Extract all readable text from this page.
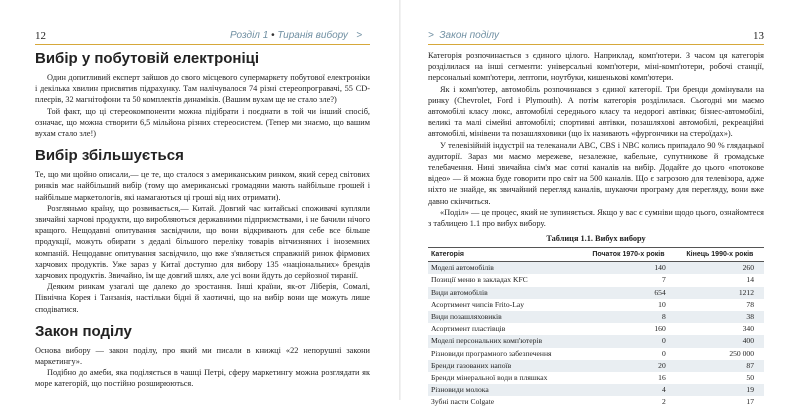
12	Розділ 1 • Тиранія вибору >
Вибір у побутовій електроніці

Один допитливий експерт зайшов до свого місцевого супермаркету побутової електроніки і декілька хвилин присвятив підрахунку. Там налічувалося 74 різні стереопрогравачі, 55 CD-плеєрів, 32 магнітофони та 50 комплектів динаміків. (Вашим вухам ще не стало зле?)

Той факт, що ці стереокомпоненти можна підібрати і поєднати в той чи інший спосіб, означає, що можна створити 6,5 мільйона різних стереосистем. (Тепер ми знаємо, що вашим вухам стало зле!)

Вибір збільшується

Те, що ми щойно описали,— це те, що сталося з американським ринком, який серед світових ринків має найбільший вибір (тому що американські громадяни мають найбільше грошей і найбільше маркетологів, які намагаються ці гроші від них отримати).

Розгляньмо країну, що розвивається,— Китай. Довгий час китайські споживачі купляли звичайні харчові продукти, що виробляються державними підприємствами, і не бачили нічого кращого. Нещодавні опитування засвідчили, що вони відкривають для себе все більше продукції, можуть обирати з дедалі більшого переліку товарів вітчизняних і іноземних компаній. Нещодавнє опитування засвідчило, що вже з'являється справжній ринок фірмових харчових продуктів. Уже зараз у Китаї доступно для вибору 135 «національних» брендів харчових продуктів. Звичайно, їм ще довгий шлях, але усі вони йдуть до серйозної тиранії.

Деяким ринкам узагалі ще далеко до зростання. Інші країни, як-от Ліберія, Сомалі, Північна Корея і Танзанія, настільки бідні й хаотичні, що на вибір вони ще можуть лише сподіватися.

Закон поділу

Основа вибору — закон поділу, про який ми писали в книжці «22 непорушні закони маркетингу».

Подібно до амеби, яка поділяється в чашці Петрі, сферу маркетингу можна розглядати як море категорій, що постійно розширюються.

> Закон поділу	13

Категорія розпочинається з єдиного цілого. Наприклад, комп'ютери. З часом ця категорія розділилася на інші сегменти: універсальні комп'ютери, міні-комп'ютери, робочі станції, персональні комп'ютери, лептопи, ноутбуки, кишенькові комп'ютери.

Як і комп'ютер, автомобіль розпочинався з єдиної категорії. Три бренди домінували на ринку (Chevrolet, Ford і Plymouth). А потім категорія розділилася. Сьогодні ми маємо автомобілі класу люкс, автомобілі середнього класу та недорогі автівки; бізнес-автомобілі, великі та малі сімейні автомобілі; спортивні автівки, позашляхові автомобілі, рекреаційні автомобілі, мінівени та позашляховики (що їх називають «фургончики на стероїдах»).

У телевізійній індустрії на телеканали ABC, CBS і NBC колись припадало 90 % глядацької аудиторії. Зараз ми маємо мережеве, незалежне, кабельне, супутникове й громадське телебачення. Нині звичайна сім'я має сотні каналів на вибір. Додайте до цього «потокове відео» — й можна буде говорити про світ на 500 каналів. Що є загрозою для телевізора, адже ніхто не знайде, як звичайний перегляд каналів, шукаючи програму для перегляду, вони вже давно скінчиться.

«Поділ» — це процес, який не зупиняється. Якщо у вас є сумніви щодо цього, ознайомтеся з таблицею 1.1 про вибух вибору.

Таблиця 1.1. Вибух вибору
Категорія	Початок 1970-х років	Кінець 1990-х років
Моделі автомобілів	140	260
Позиції меню в закладах KFC	7	14
Види автомобілів	654	1212
Асортимент чипсів Frito-Lay	10	78
Види позашляховиків	8	38
Асортимент пластівців	160	340
Моделі персональних комп'ютерів	0	400
Різновиди програмного забезпечення	0	250 000
Бренди газованих напоїв	20	87
Бренди мінеральної води в пляшках	16	50
Різновиди молока	4	19
Зубні пасти Colgate	2	17
